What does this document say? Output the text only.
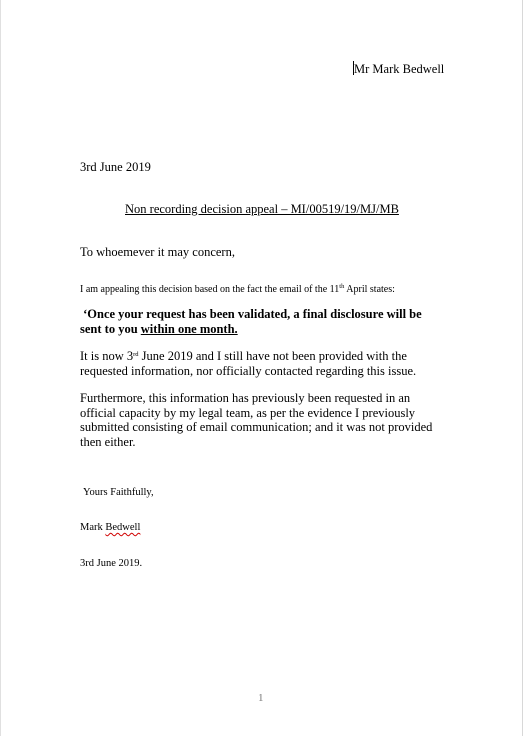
Mr Mark Bedwell
3rd June 2019
Non recording decision appeal – MI/00519/19/MJ/MB
To whoemever it may concern,
I am appealing this decision based on the fact the email of the 11th April states:
‘Once your request has been validated, a final disclosure will be sent to you within one month.
It is now 3rd June 2019 and I still have not been provided with the requested information, nor officially contacted regarding this issue.
Furthermore, this information has previously been requested in an official capacity by my legal team, as per the evidence I previously submitted consisting of email communication; and it was not provided then either.
Yours Faithfully,
Mark Bedwell
3rd June 2019.
1
